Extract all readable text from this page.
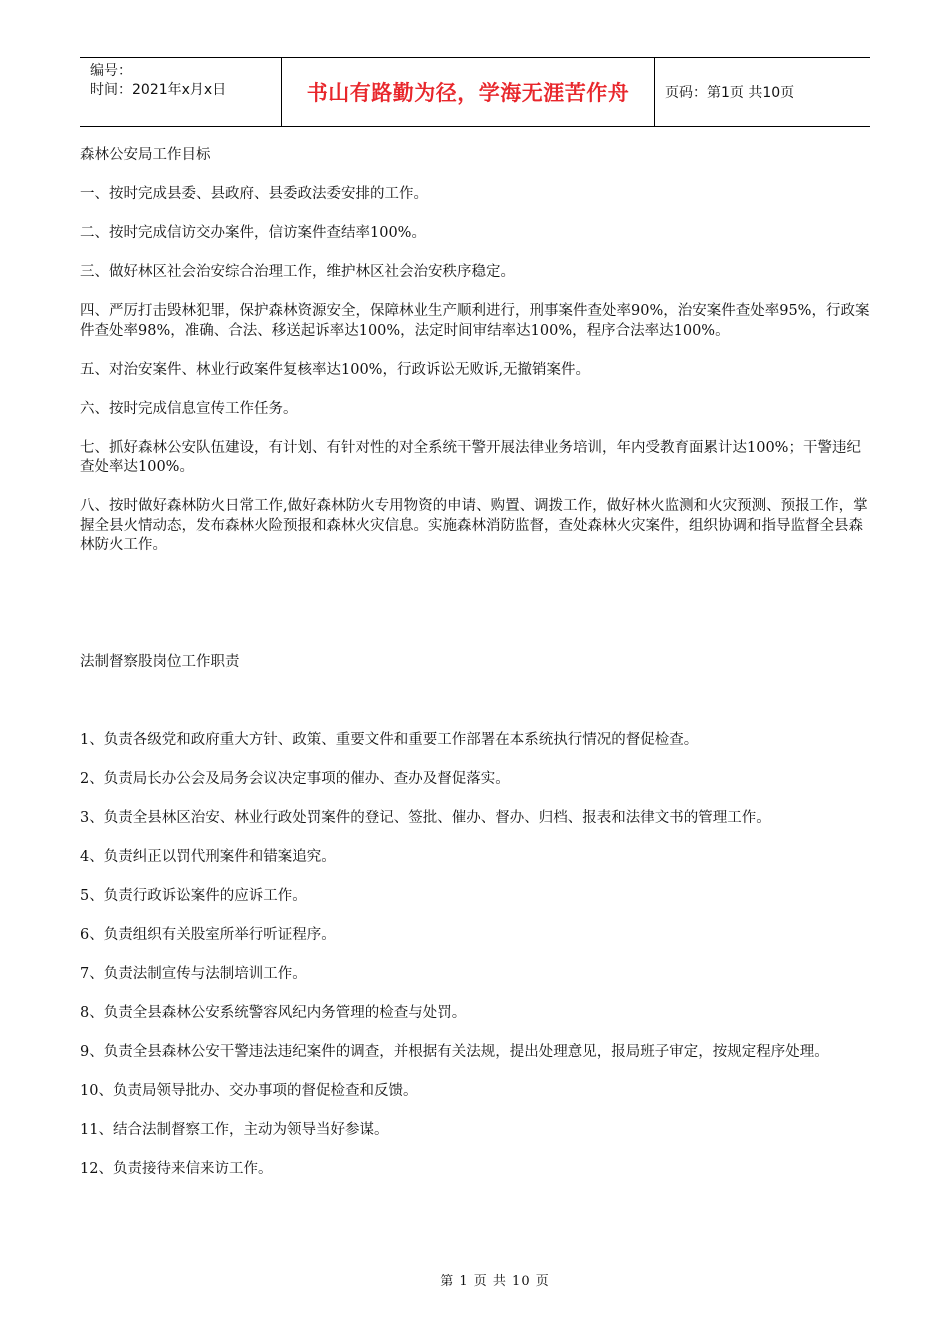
编号：
时间：2021年x月x日	书山有路勤为径，学海无涯苦作舟	页码：第1页 共10页
森林公安局工作目标
一、按时完成县委、县政府、县委政法委安排的工作。
二、按时完成信访交办案件，信访案件查结率100%。
三、做好林区社会治安综合治理工作，维护林区社会治安秩序稳定。
四、严厉打击毁林犯罪，保护森林资源安全，保障林业生产顺利进行，刑事案件查处率90%，治安案件查处率95%，行政案件查处率98%，准确、合法、移送起诉率达100%，法定时间审结率达100%，程序合法率达100%。
五、对治安案件、林业行政案件复核率达100%，行政诉讼无败诉,无撤销案件。
六、按时完成信息宣传工作任务。
七、抓好森林公安队伍建设，有计划、有针对性的对全系统干警开展法律业务培训，年内受教育面累计达100%；干警违纪查处率达100%。
八、按时做好森林防火日常工作,做好森林防火专用物资的申请、购置、调拨工作，做好林火监测和火灾预测、预报工作，掌握全县火情动态，发布森林火险预报和森林火灾信息。实施森林消防监督，查处森林火灾案件，组织协调和指导监督全县森林防火工作。
法制督察股岗位工作职责
1、负责各级党和政府重大方针、政策、重要文件和重要工作部署在本系统执行情况的督促检查。
2、负责局长办公会及局务会议决定事项的催办、查办及督促落实。
3、负责全县林区治安、林业行政处罚案件的登记、签批、催办、督办、归档、报表和法律文书的管理工作。
4、负责纠正以罚代刑案件和错案追究。
5、负责行政诉讼案件的应诉工作。
6、负责组织有关股室所举行听证程序。
7、负责法制宣传与法制培训工作。
8、负责全县森林公安系统警容风纪内务管理的检查与处罚。
9、负责全县森林公安干警违法违纪案件的调查，并根据有关法规，提出处理意见，报局班子审定，按规定程序处理。
10、负责局领导批办、交办事项的督促检查和反馈。
11、结合法制督察工作，主动为领导当好参谋。
12、负责接待来信来访工作。
第 1 页 共 10 页
